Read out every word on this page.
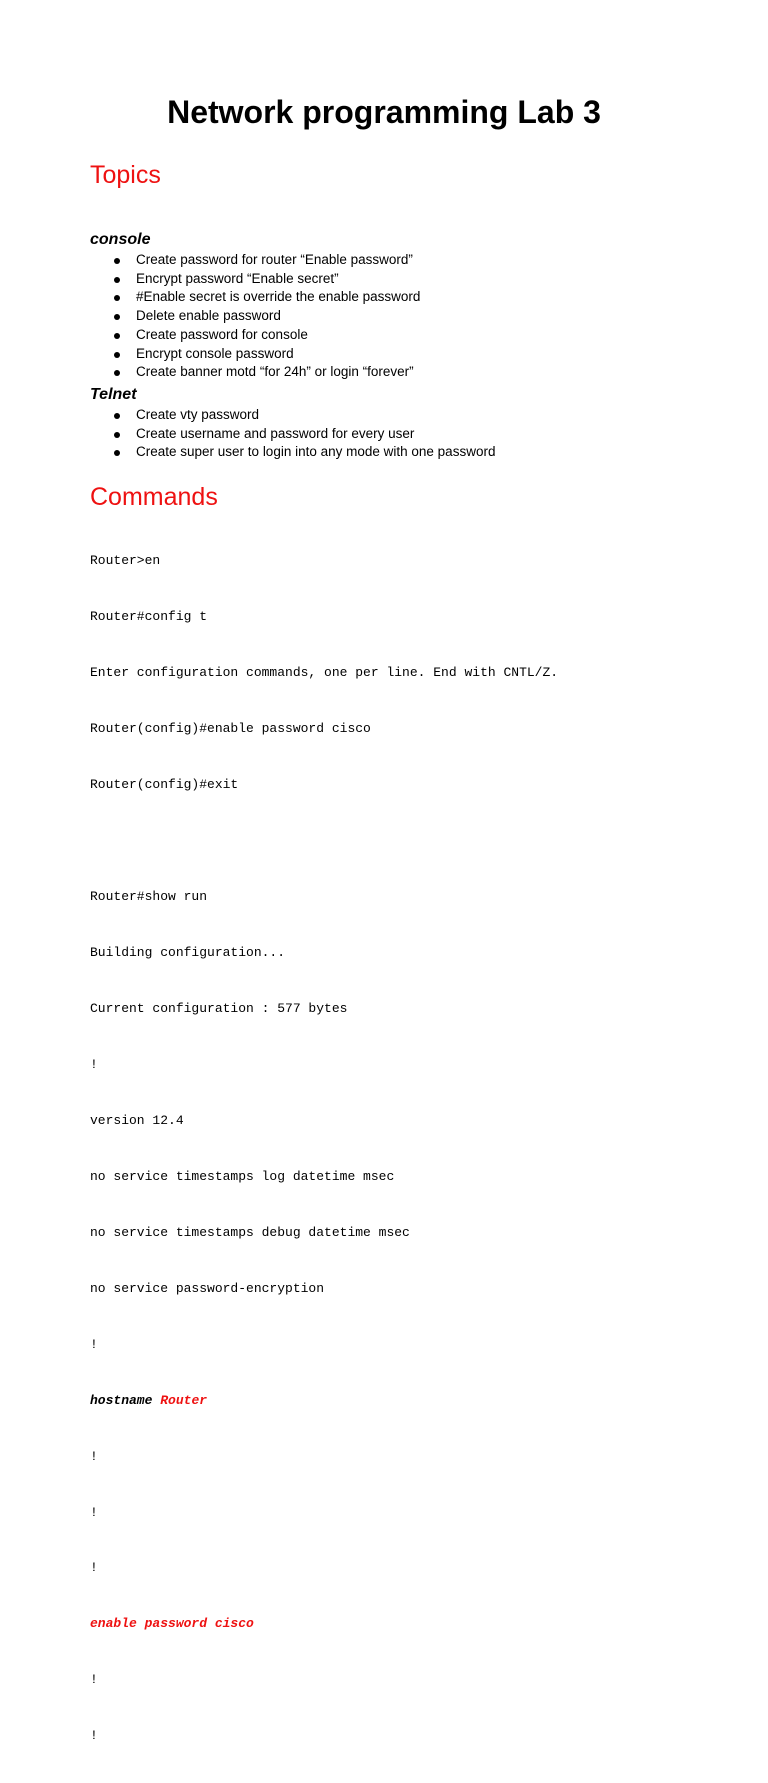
Network programming Lab 3
Topics
console
Create password for router “Enable password”
Encrypt password “Enable secret”
#Enable secret is override the enable password
Delete enable password
Create password for console
Encrypt console password
Create banner motd “for 24h” or login “forever”
Telnet
Create vty password
Create username and password for every user
Create super user to login into any mode with one password
Commands

Router>en

Router#config t

Enter configuration commands, one per line. End with CNTL/Z.

Router(config)#enable password cisco

Router(config)#exit

Router#show run

Building configuration...

Current configuration : 577 bytes

!

version 12.4

no service timestamps log datetime msec

no service timestamps debug datetime msec

no service password-encryption

!

hostname Router

!

!

!

enable password cisco

!

!
